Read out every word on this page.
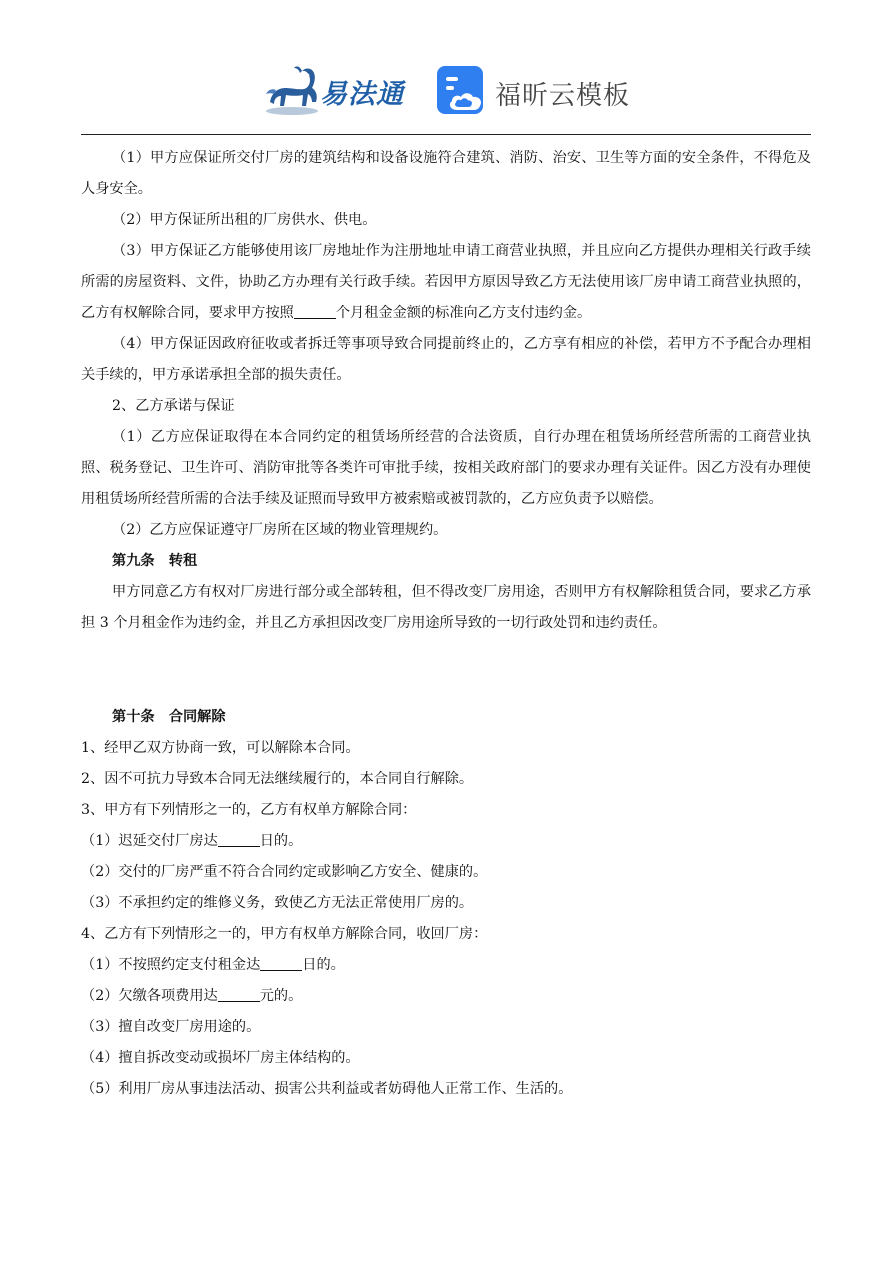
易法通	福昕云模板

（1）甲方应保证所交付厂房的建筑结构和设备设施符合建筑、消防、治安、卫生等方面的安全条件，不得危及人身安全。

（2）甲方保证所出租的厂房供水、供电。

（3）甲方保证乙方能够使用该厂房地址作为注册地址申请工商营业执照，并且应向乙方提供办理相关行政手续所需的房屋资料、文件，协助乙方办理有关行政手续。若因甲方原因导致乙方无法使用该厂房申请工商营业执照的，乙方有权解除合同，要求甲方按照	个月租金金额的标准向乙方支付违约金。

（4）甲方保证因政府征收或者拆迁等事项导致合同提前终止的，乙方享有相应的补偿，若甲方不予配合办理相关手续的，甲方承诺承担全部的损失责任。

2、乙方承诺与保证

（1）乙方应保证取得在本合同约定的租赁场所经营的合法资质，自行办理在租赁场所经营所需的工商营业执照、税务登记、卫生许可、消防审批等各类许可审批手续，按相关政府部门的要求办理有关证件。因乙方没有办理使用租赁场所经营所需的合法手续及证照而导致甲方被索赔或被罚款的，乙方应负责予以赔偿。

（2）乙方应保证遵守厂房所在区域的物业管理规约。

第九条　转租

甲方同意乙方有权对厂房进行部分或全部转租，但不得改变厂房用途，否则甲方有权解除租赁合同，要求乙方承担 3 个月租金作为违约金，并且乙方承担因改变厂房用途所导致的一切行政处罚和违约责任。

第十条　合同解除

1、经甲乙双方协商一致，可以解除本合同。

2、因不可抗力导致本合同无法继续履行的，本合同自行解除。

3、甲方有下列情形之一的，乙方有权单方解除合同：

（1）迟延交付厂房达	日的。

（2）交付的厂房严重不符合合同约定或影响乙方安全、健康的。

（3）不承担约定的维修义务，致使乙方无法正常使用厂房的。

4、乙方有下列情形之一的，甲方有权单方解除合同，收回厂房：

（1）不按照约定支付租金达	日的。

（2）欠缴各项费用达	元的。

（3）擅自改变厂房用途的。

（4）擅自拆改变动或损坏厂房主体结构的。

（5）利用厂房从事违法活动、损害公共利益或者妨碍他人正常工作、生活的。
